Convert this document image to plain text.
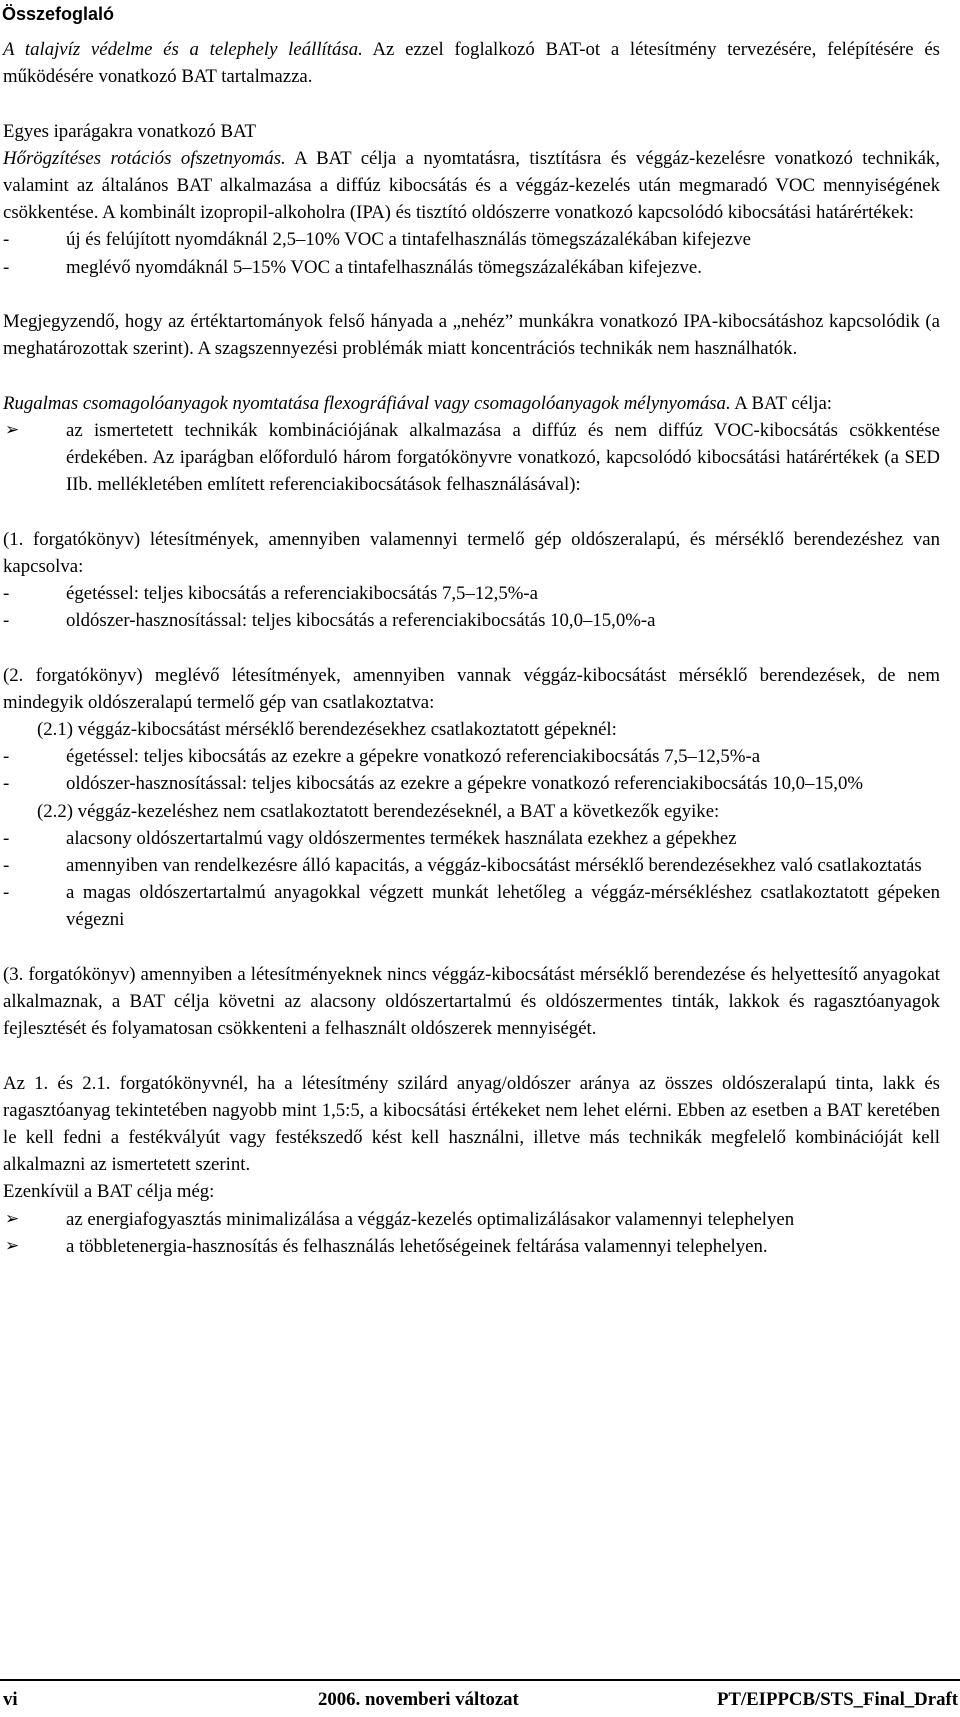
Összefoglaló

A talajvíz védelme és a telephely leállítása. Az ezzel foglalkozó BAT-ot a létesítmény tervezésére, felépítésére és működésére vonatkozó BAT tartalmazza.

Egyes iparágakra vonatkozó BAT

Hőrögzítéses rotációs ofszetnyomás. A BAT célja a nyomtatásra, tisztításra és véggáz-kezelésre vonatkozó technikák, valamint az általános BAT alkalmazása a diffúz kibocsátás és a véggáz-kezelés után megmaradó VOC mennyiségének csökkentése. A kombinált izopropil-alkoholra (IPA) és tisztító oldószerre vonatkozó kapcsolódó kibocsátási határértékek:

-	új és felújított nyomdáknál 2,5–10% VOC a tintafelhasználás tömegszázalékában kifejezve
-	meglévő nyomdáknál 5–15% VOC a tintafelhasználás tömegszázalékában kifejezve.

Megjegyzendő, hogy az értéktartományok felső hányada a „nehéz” munkákra vonatkozó IPA-kibocsátáshoz kapcsolódik (a meghatározottak szerint). A szagszennyezési problémák miatt koncentrációs technikák nem használhatók.

Rugalmas csomagolóanyagok nyomtatása flexográfiával vagy csomagolóanyagok mélynyomása. A BAT célja:

➢	az ismertetett technikák kombinációjának alkalmazása a diffúz és nem diffúz VOC-kibocsátás csökkentése érdekében. Az iparágban előforduló három forgatókönyvre vonatkozó, kapcsolódó kibocsátási határértékek (a SED IIb. mellékletében említett referenciakibocsátások felhasználásával):

(1. forgatókönyv) létesítmények, amennyiben valamennyi termelő gép oldószeralapú, és mérséklő berendezéshez van kapcsolva:

-	égetéssel: teljes kibocsátás a referenciakibocsátás 7,5–12,5%-a
-	oldószer-hasznosítással: teljes kibocsátás a referenciakibocsátás 10,0–15,0%-a

(2. forgatókönyv) meglévő létesítmények, amennyiben vannak véggáz-kibocsátást mérséklő berendezések, de nem mindegyik oldószeralapú termelő gép van csatlakoztatva:

(2.1) véggáz-kibocsátást mérséklő berendezésekhez csatlakoztatott gépeknél:

-	égetéssel: teljes kibocsátás az ezekre a gépekre vonatkozó referenciakibocsátás 7,5–12,5%-a
-	oldószer-hasznosítással: teljes kibocsátás az ezekre a gépekre vonatkozó referenciakibocsátás 10,0–15,0%

(2.2) véggáz-kezeléshez nem csatlakoztatott berendezéseknél, a BAT a következők egyike:

-	alacsony oldószertartalmú vagy oldószermentes termékek használata ezekhez a gépekhez
-	amennyiben van rendelkezésre álló kapacitás, a véggáz-kibocsátást mérséklő berendezésekhez való csatlakoztatás
-	a magas oldószertartalmú anyagokkal végzett munkát lehetőleg a véggáz-mérsékléshez csatlakoztatott gépeken végezni

(3. forgatókönyv) amennyiben a létesítményeknek nincs véggáz-kibocsátást mérséklő berendezése és helyettesítő anyagokat alkalmaznak, a BAT célja követni az alacsony oldószertartalmú és oldószermentes tinták, lakkok és ragasztóanyagok fejlesztését és folyamatosan csökkenteni a felhasznált oldószerek mennyiségét.

Az 1. és 2.1. forgatókönyvnél, ha a létesítmény szilárd anyag/oldószer aránya az összes oldószeralapú tinta, lakk és ragasztóanyag tekintetében nagyobb mint 1,5:5, a kibocsátási értékeket nem lehet elérni. Ebben az esetben a BAT keretében le kell fedni a festékvályút vagy festékszedő kést kell használni, illetve más technikák megfelelő kombinációját kell alkalmazni az ismertetett szerint.

Ezenkívül a BAT célja még:

➢	az energiafogyasztás minimalizálása a véggáz-kezelés optimalizálásakor valamennyi telephelyen
➢	a többletenergia-hasznosítás és felhasználás lehetőségeinek feltárása valamennyi telephelyen.
vi	2006. novemberi változat	PT/EIPPCB/STS_Final_Draft
